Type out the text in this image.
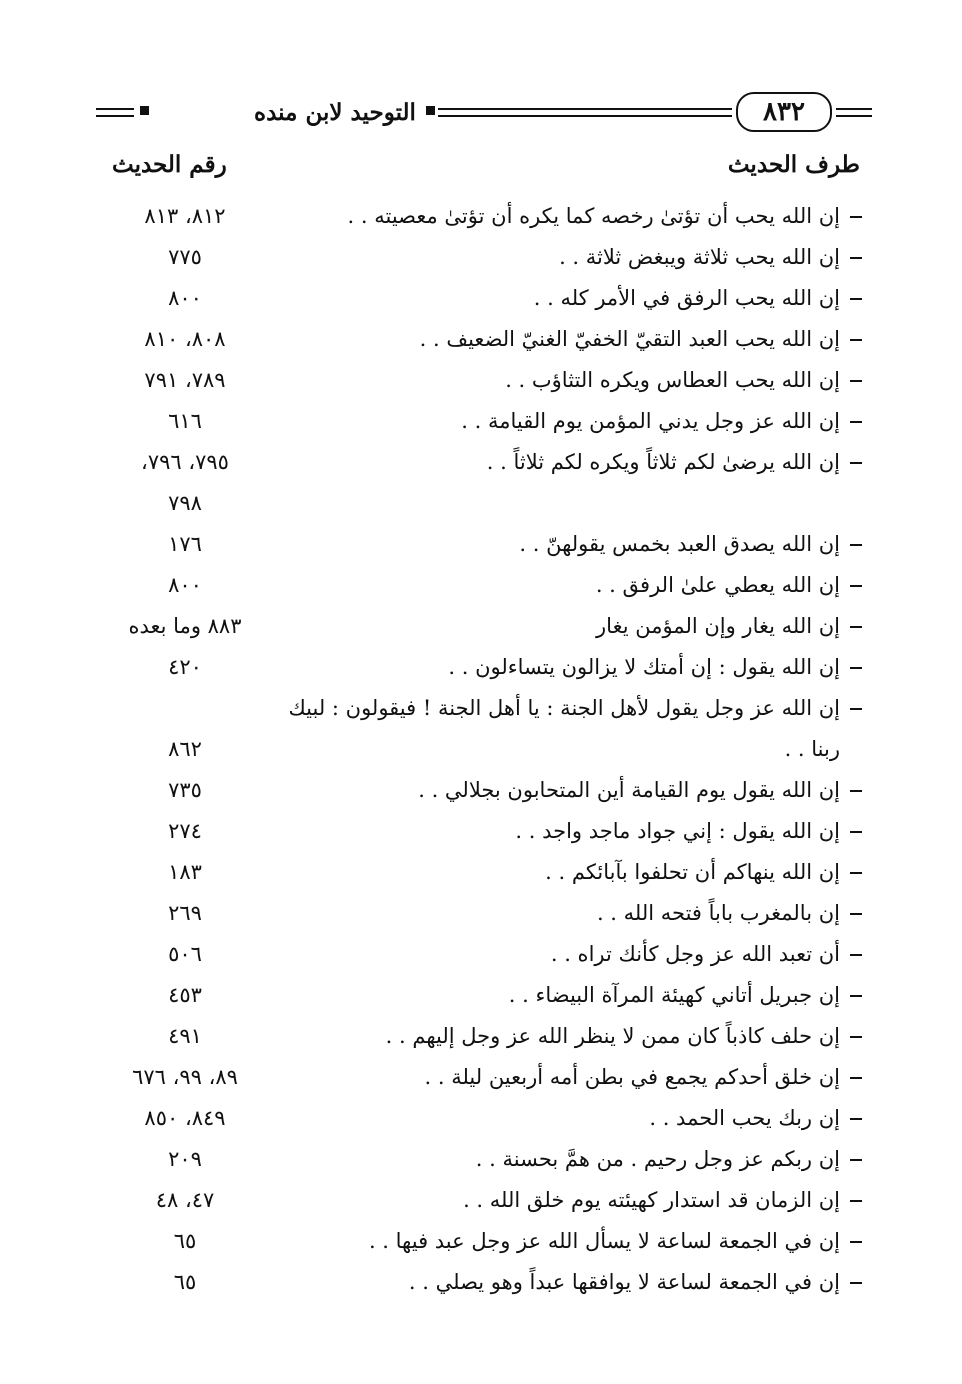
٨٣٢
التوحيد لابن منده
طرف الحديث
رقم الحديث
إن الله يحب أن تؤتىٰ رخصه كما يكره أن تؤتىٰ معصيته . .
٨١٢، ٨١٣
إن الله يحب ثلاثة ويبغض ثلاثة . .
٧٧٥
إن الله يحب الرفق في الأمر كله . .
٨٠٠
إن الله يحب العبد التقيّ الخفيّ الغنيّ الضعيف . .
٨٠٨، ٨١٠
إن الله يحب العطاس ويكره التثاؤب . .
٧٨٩، ٧٩١
إن الله عز وجل يدني المؤمن يوم القيامة . .
٦١٦
إن الله يرضىٰ لكم ثلاثاً ويكره لكم ثلاثاً . .
٧٩٥، ٧٩٦،
٧٩٨
إن الله يصدق العبد بخمس يقولهنّ . .
١٧٦
إن الله يعطي علىٰ الرفق . .
٨٠٠
إن الله يغار وإن المؤمن يغار
٨٨٣ وما بعده
إن الله يقول : إن أمتك لا يزالون يتساءلون . .
٤٢٠
إن الله عز وجل يقول لأهل الجنة : يا أهل الجنة ! فيقولون : لبيك
ربنا . .
٨٦٢
إن الله يقول يوم القيامة أين المتحابون بجلالي . .
٧٣٥
إن الله يقول : إني جواد ماجد واجد . .
٢٧٤
إن الله ينهاكم أن تحلفوا بآبائكم . .
١٨٣
إن بالمغرب باباً فتحه الله . .
٢٦٩
أن تعبد الله عز وجل كأنك تراه . .
٥٠٦
إن جبريل أتاني كهيئة المرآة البيضاء . .
٤٥٣
إن حلف كاذباً كان ممن لا ينظر الله عز وجل إليهم . .
٤٩١
إن خلق أحدكم يجمع في بطن أمه أربعين ليلة . .
٨٩، ٩٩، ٦٧٦
إن ربك يحب الحمد . .
٨٤٩، ٨٥٠
إن ربكم عز وجل رحيم . من همَّ بحسنة . .
٢٠٩
إن الزمان قد استدار كهيئته يوم خلق الله . .
٤٧، ٤٨
إن في الجمعة لساعة لا يسأل الله عز وجل عبد فيها . .
٦٥
إن في الجمعة لساعة لا يوافقها عبداً وهو يصلي . .
٦٥
